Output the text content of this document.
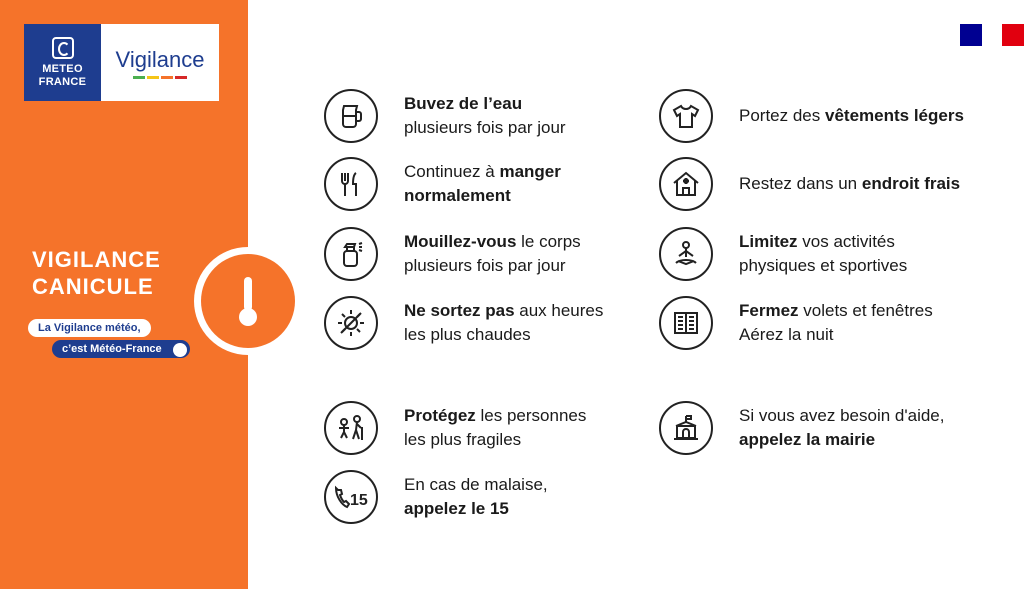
METEO
FRANCE
Vigilance
VIGILANCE
CANICULE
La Vigilance météo,
c’est Météo-France
Buvez de l’eau
plusieurs fois par jour
Continuez à manger
normalement
Mouillez-vous le corps
plusieurs fois par jour
Ne sortez pas aux heures
les plus chaudes
Protégez les personnes
les plus fragiles
15
En cas de malaise,
appelez le 15
Portez des vêtements légers
Restez dans un endroit frais
Limitez vos activités
physiques et sportives
Fermez volets et fenêtres
Aérez la nuit
Si vous avez besoin d'aide,
appelez la mairie
